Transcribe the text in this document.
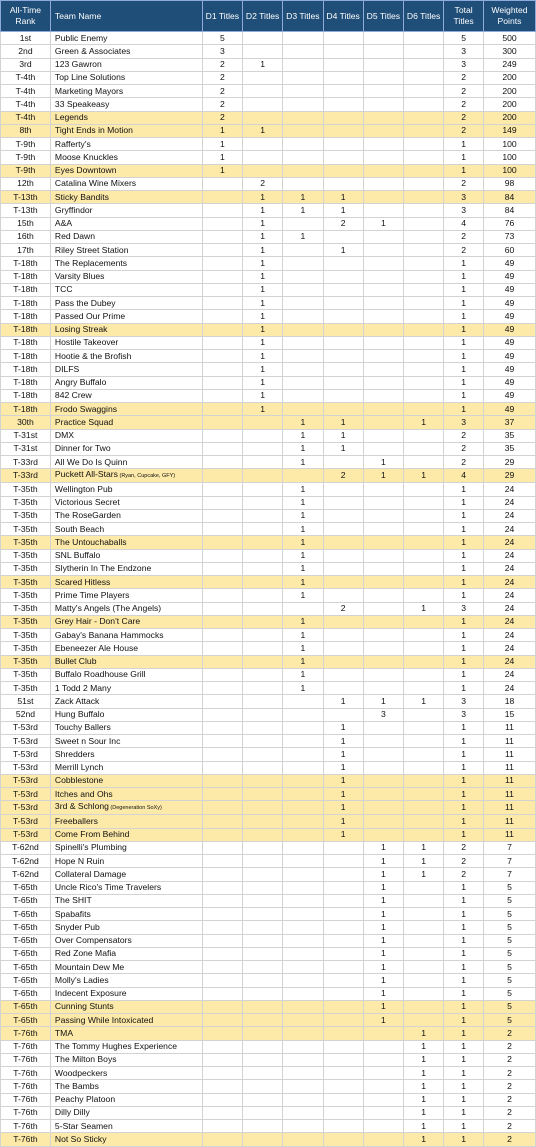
All-Time Rank	Team Name	D1 Titles	D2 Titles	D3 Titles	D4 Titles	D5 Titles	D6 Titles	Total Titles	Weighted Points
1st	Public Enemy	5						5	500
2nd	Green & Associates	3						3	300
3rd	123 Gawron	2	1					3	249
T-4th	Top Line Solutions	2						2	200
T-4th	Marketing Mayors	2						2	200
T-4th	33 Speakeasy	2						2	200
T-4th	Legends	2						2	200
8th	Tight Ends in Motion	1	1					2	149
T-9th	Rafferty's	1						1	100
T-9th	Moose Knuckles	1						1	100
T-9th	Eyes Downtown	1						1	100
12th	Catalina Wine Mixers		2					2	98
T-13th	Sticky Bandits		1	1	1			3	84
T-13th	Gryffindor		1	1	1			3	84
15th	A&A		1		2	1		4	76
16th	Red Dawn		1	1				2	73
17th	Riley Street Station		1		1			2	60
T-18th	The Replacements		1					1	49
T-18th	Varsity Blues		1					1	49
T-18th	TCC		1					1	49
T-18th	Pass the Dubey		1					1	49
T-18th	Passed Our Prime		1					1	49
T-18th	Losing Streak		1					1	49
T-18th	Hostile Takeover		1					1	49
T-18th	Hootie & the Brofish		1					1	49
T-18th	DILFS		1					1	49
T-18th	Angry Buffalo		1					1	49
T-18th	842 Crew		1					1	49
T-18th	Frodo Swaggins		1					1	49
30th	Practice Squad			1	1		1	3	37
T-31st	DMX			1	1			2	35
T-31st	Dinner for Two			1	1			2	35
T-33rd	All We Do Is Quinn			1		1		2	29
T-33rd	Puckett All-Stars (Ryan, Cupcake, GFY)				2	1	1	4	29
T-35th	Wellington Pub			1				1	24
T-35th	Victorious Secret			1				1	24
T-35th	The RoseGarden			1				1	24
T-35th	South Beach			1				1	24
T-35th	The Untouchaballs			1				1	24
T-35th	SNL Buffalo			1				1	24
T-35th	Slytherin In The Endzone			1				1	24
T-35th	Scared Hitless			1				1	24
T-35th	Prime Time Players			1				1	24
T-35th	Matty's Angels (The Angels)				2		1	3	24
T-35th	Grey Hair - Don't Care			1				1	24
T-35th	Gabay's Banana Hammocks			1				1	24
T-35th	Ebeneezer Ale House			1				1	24
T-35th	Bullet Club			1				1	24
T-35th	Buffalo Roadhouse Grill			1				1	24
T-35th	1 Todd 2 Many			1				1	24
51st	Zack Attack				1	1	1	3	18
52nd	Hung Buffalo					3		3	15
T-53rd	Touchy Ballers				1			1	11
T-53rd	Sweet n Sour Inc				1			1	11
T-53rd	Shredders				1			1	11
T-53rd	Merrill Lynch				1			1	11
T-53rd	Cobblestone				1			1	11
T-53rd	Itches and Ohs				1			1	11
T-53rd	3rd & Schlong (Degeneration SoXy)				1			1	11
T-53rd	Freeballers				1			1	11
T-53rd	Come From Behind				1			1	11
T-62nd	Spinelli's Plumbing					1	1	2	7
T-62nd	Hope N Ruin					1	1	2	7
T-62nd	Collateral Damage					1	1	2	7
T-65th	Uncle Rico's Time Travelers					1		1	5
T-65th	The SHIT					1		1	5
T-65th	Spabafits					1		1	5
T-65th	Snyder Pub					1		1	5
T-65th	Over Compensators					1		1	5
T-65th	Red Zone Mafia					1		1	5
T-65th	Mountain Dew Me					1		1	5
T-65th	Molly's Ladies					1		1	5
T-65th	Indecent Exposure					1		1	5
T-65th	Cunning Stunts					1		1	5
T-65th	Passing While Intoxicated					1		1	5
T-76th	TMA						1	1	2
T-76th	The Tommy Hughes Experience						1	1	2
T-76th	The Milton Boys						1	1	2
T-76th	Woodpeckers						1	1	2
T-76th	The Bambs						1	1	2
T-76th	Peachy Platoon						1	1	2
T-76th	Dilly Dilly						1	1	2
T-76th	5-Star Seamen						1	1	2
T-76th	Not So Sticky						1	1	2
